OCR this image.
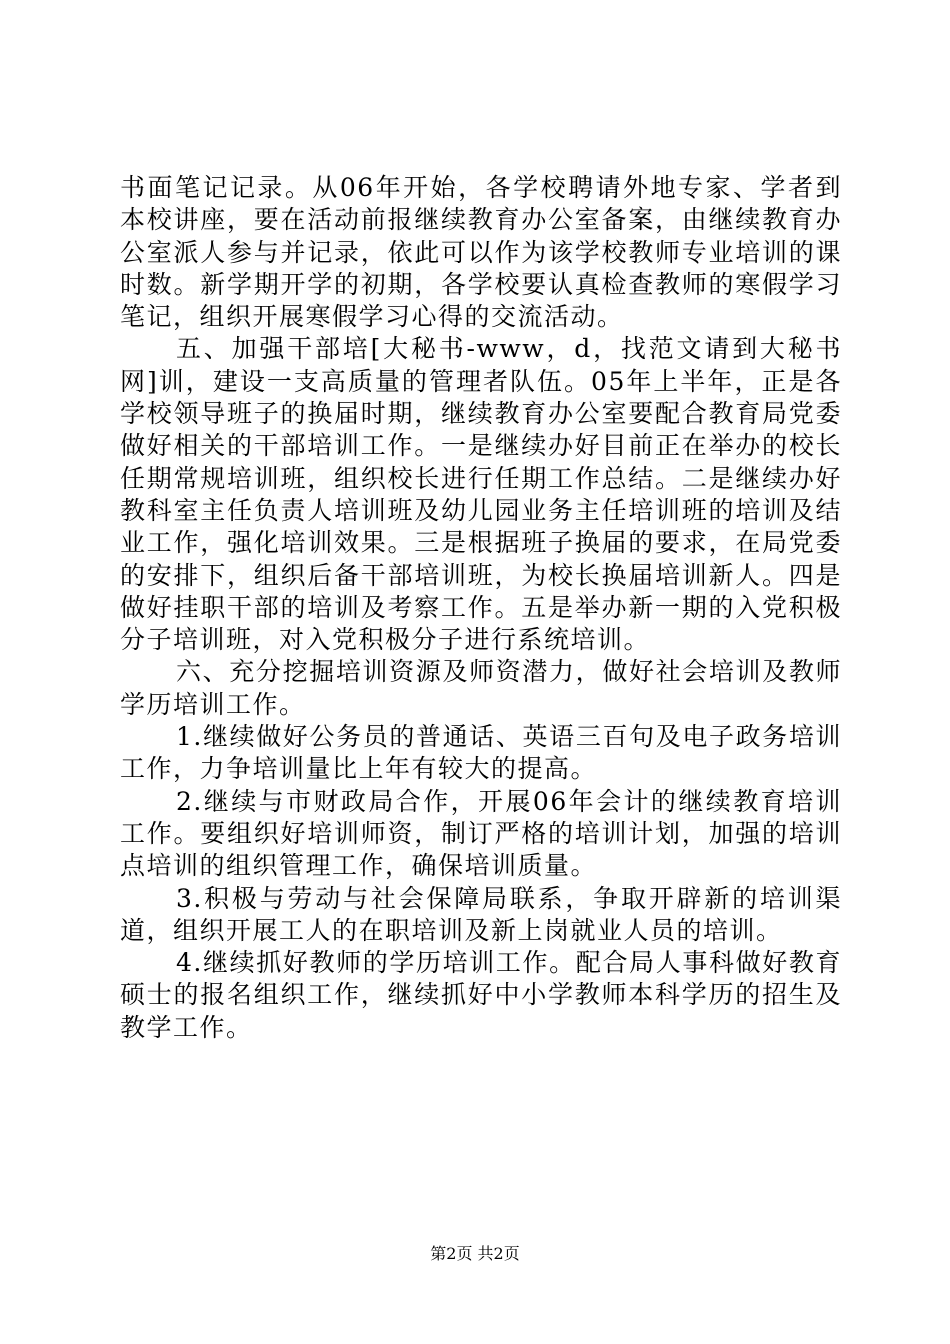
书面笔记记录。从06年开始，各学校聘请外地专家、学者到本校讲座，要在活动前报继续教育办公室备案，由继续教育办公室派人参与并记录，依此可以作为该学校教师专业培训的课时数。新学期开学的初期，各学校要认真检查教师的寒假学习笔记，组织开展寒假学习心得的交流活动。

五、加强干部培[大秘书-www，d，找范文请到大秘书网]训，建设一支高质量的管理者队伍。05年上半年，正是各学校领导班子的换届时期，继续教育办公室要配合教育局党委做好相关的干部培训工作。一是继续办好目前正在举办的校长任期常规培训班，组织校长进行任期工作总结。二是继续办好教科室主任负责人培训班及幼儿园业务主任培训班的培训及结业工作，强化培训效果。三是根据班子换届的要求，在局党委的安排下，组织后备干部培训班，为校长换届培训新人。四是做好挂职干部的培训及考察工作。五是举办新一期的入党积极分子培训班，对入党积极分子进行系统培训。

六、充分挖掘培训资源及师资潜力，做好社会培训及教师学历培训工作。

1.继续做好公务员的普通话、英语三百句及电子政务培训工作，力争培训量比上年有较大的提高。

2.继续与市财政局合作，开展06年会计的继续教育培训工作。要组织好培训师资，制订严格的培训计划，加强的培训点培训的组织管理工作，确保培训质量。

3.积极与劳动与社会保障局联系，争取开辟新的培训渠道，组织开展工人的在职培训及新上岗就业人员的培训。

4.继续抓好教师的学历培训工作。配合局人事科做好教育硕士的报名组织工作，继续抓好中小学教师本科学历的招生及教学工作。

第2页 共2页
